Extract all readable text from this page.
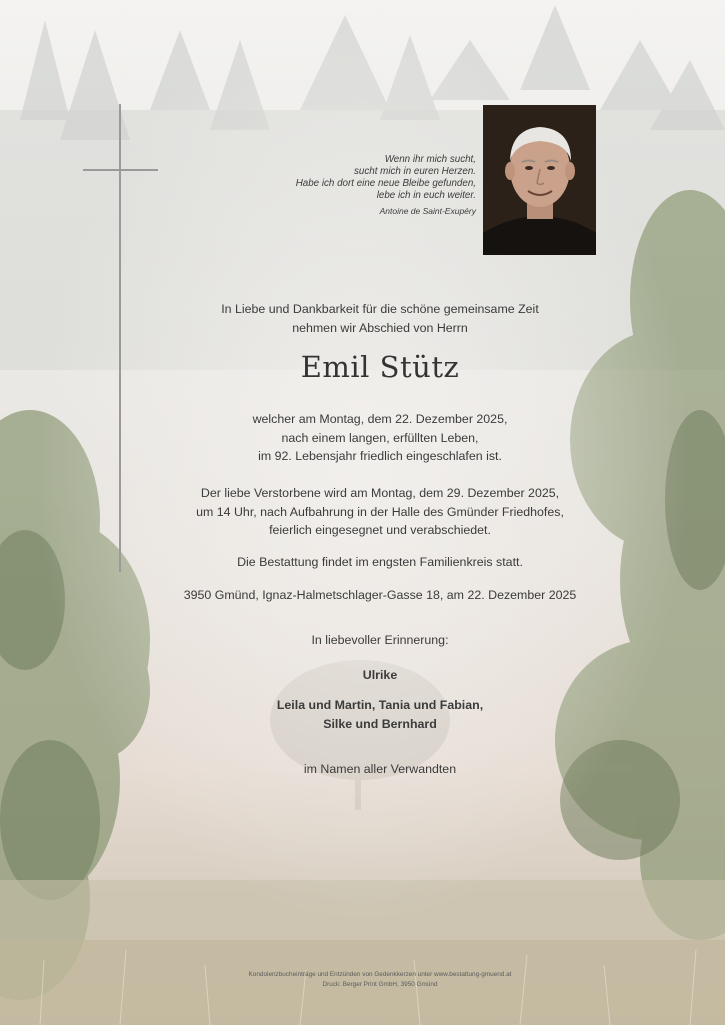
Wenn ihr mich sucht,
sucht mich in euren Herzen.
Habe ich dort eine neue Bleibe gefunden,
lebe ich in euch weiter.
Antoine de Saint-Exupéry
In Liebe und Dankbarkeit für die schöne gemeinsame Zeit
nehmen wir Abschied von Herrn
Emil Stütz
welcher am Montag, dem 22. Dezember 2025,
nach einem langen, erfüllten Leben,
im 92. Lebensjahr friedlich eingeschlafen ist.
Der liebe Verstorbene wird am Montag, dem 29. Dezember 2025,
um 14 Uhr, nach Aufbahrung in der Halle des Gmünder Friedhofes,
feierlich eingesegnet und verabschiedet.
Die Bestattung findet im engsten Familienkreis statt.
3950 Gmünd, Ignaz-Halmetschlager-Gasse 18, am 22. Dezember 2025
In liebevoller Erinnerung:
Ulrike
Leila und Martin, Tania und Fabian,
Silke und Bernhard
im Namen aller Verwandten
Kondolenzbucheinträge und Entzünden von Gedenkkerzen unter www.bestattung-gmuend.at
Druck: Berger Print GmbH, 3950 Gmünd
